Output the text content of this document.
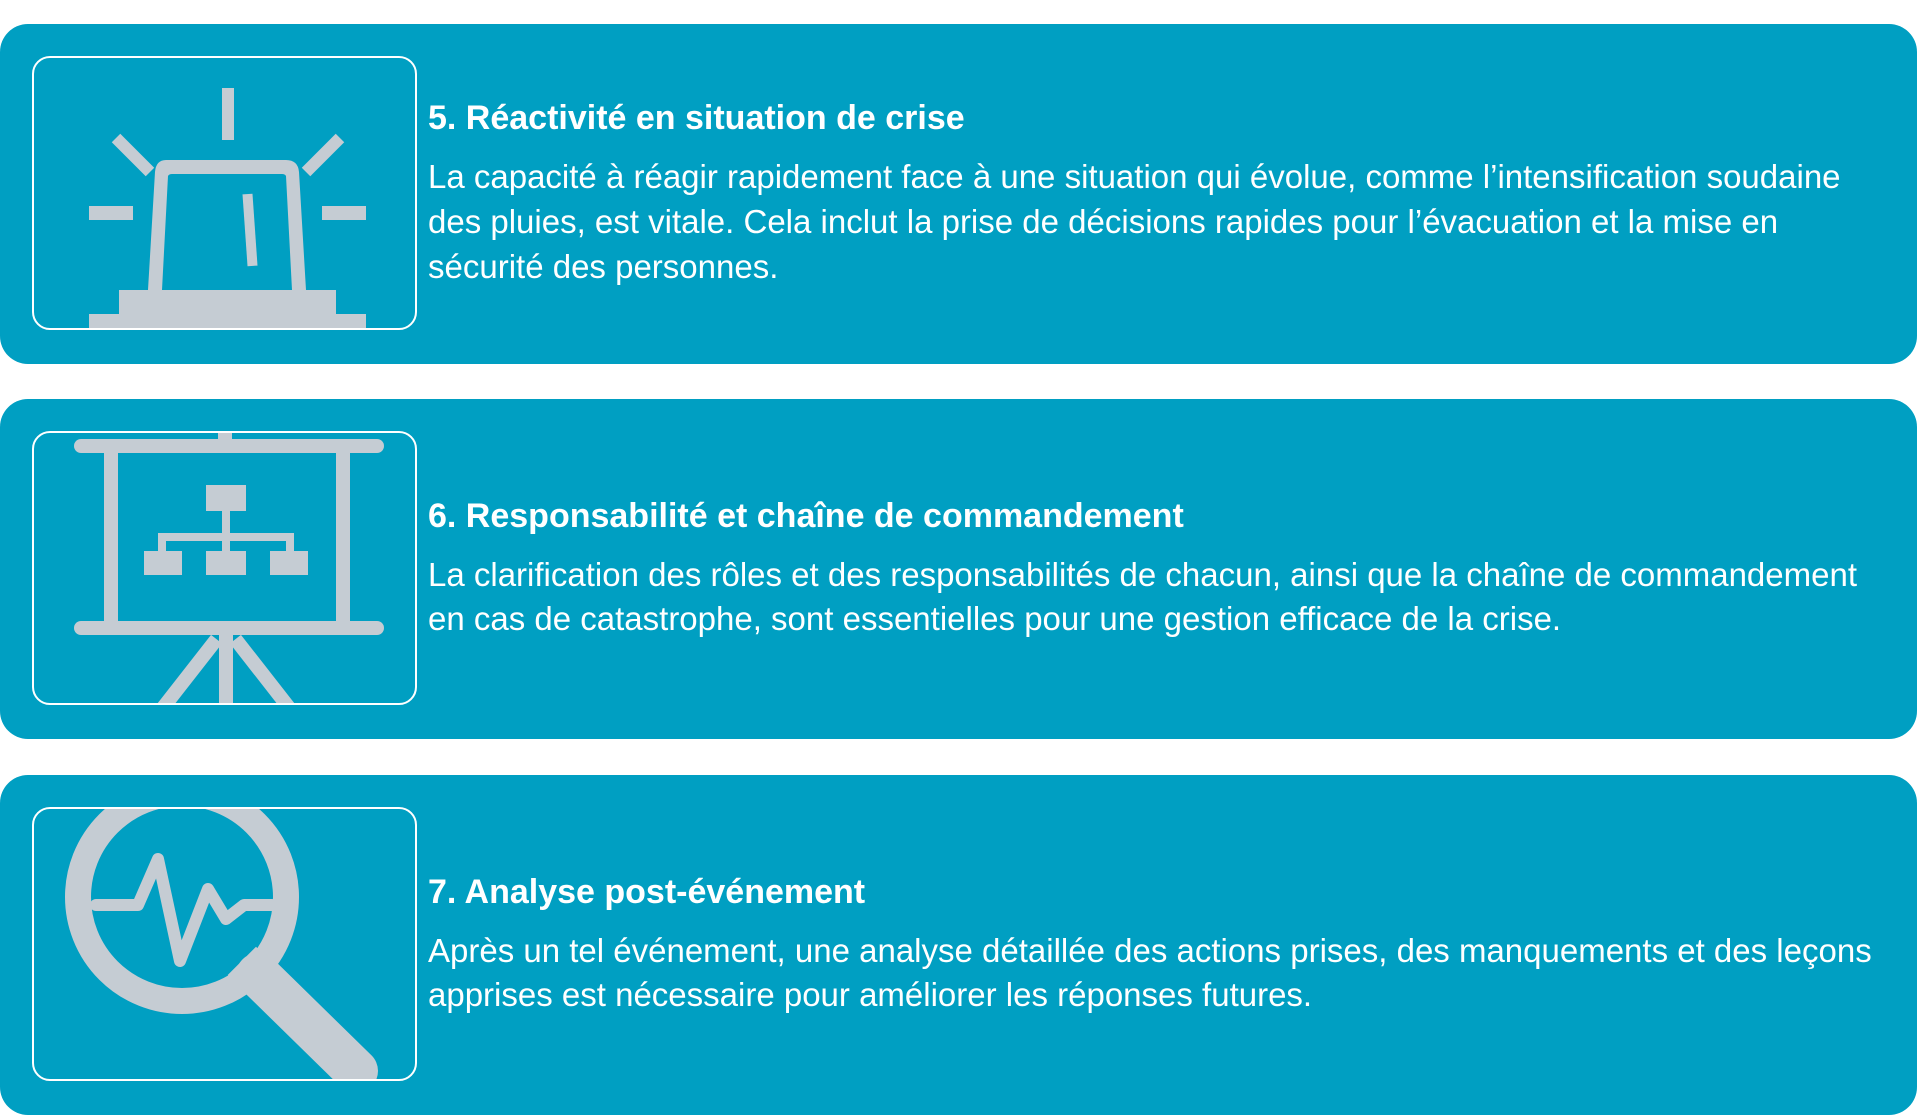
5. Réactivité en situation de crise

La capacité à réagir rapidement face à une situation qui évolue, comme l’intensification soudaine des pluies, est vitale. Cela inclut la prise de décisions rapides pour l’évacuation et la mise en sécurité des personnes.

6. Responsabilité et chaîne de commandement

La clarification des rôles et des responsabilités de chacun, ainsi que la chaîne de commandement en cas de catastrophe, sont essentielles pour une gestion efficace de la crise.

7. Analyse post-événement

Après un tel événement, une analyse détaillée des actions prises, des manquements et des leçons apprises est nécessaire pour améliorer les réponses futures.
